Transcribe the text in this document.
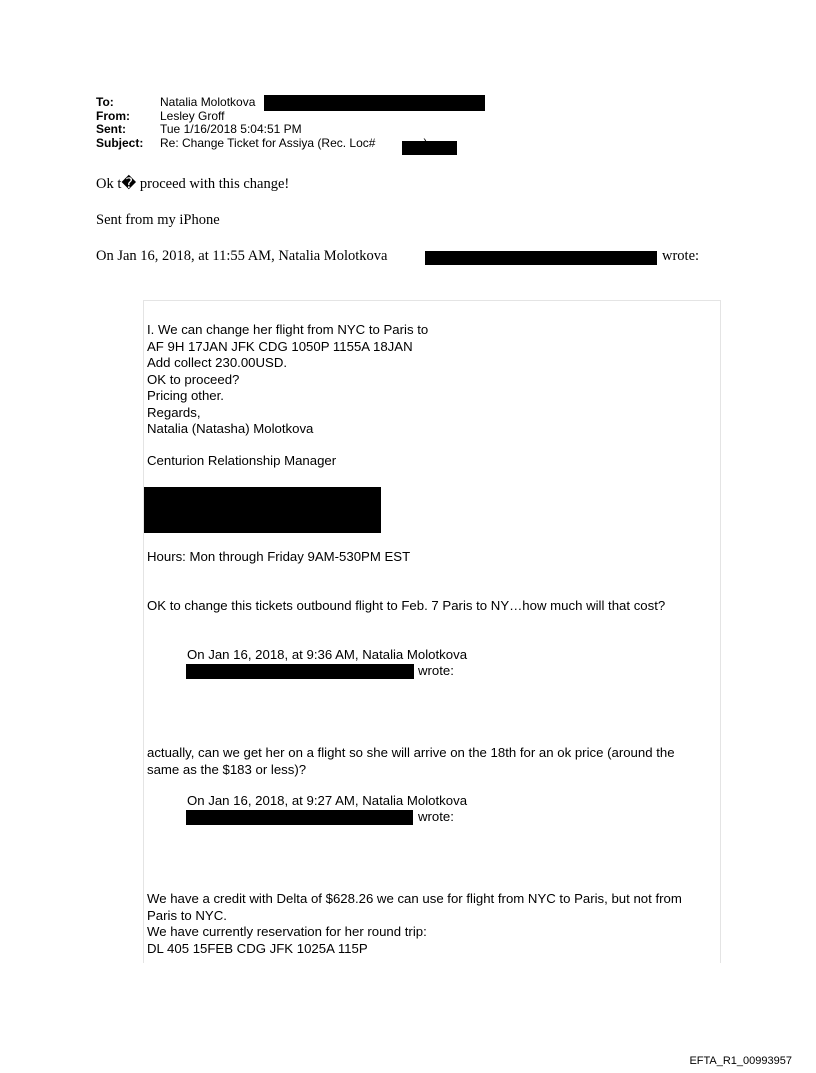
To:	Natalia Molotkova
From:	Lesley Groff
Sent:	Tue 1/16/2018 5:04:51 PM
Subject:	Re: Change Ticket for Assiya (Rec. Loc#
Ok t� proceed with this change!
Sent from my iPhone
On Jan 16, 2018, at 11:55 AM, Natalia Molotkova	wrote:
I. We can change her flight from NYC to Paris to
AF 9H 17JAN JFK CDG 1050P 1155A 18JAN
Add collect 230.00USD.
OK to proceed?
Pricing other.
Regards,
Natalia (Natasha) Molotkova
Centurion Relationship Manager
Hours: Mon through Friday 9AM-530PM EST
OK to change this tickets outbound flight to Feb. 7 Paris to NY…how much will that cost?
On Jan 16, 2018, at 9:36 AM, Natalia Molotkova
wrote:
actually, can we get her on a flight so she will arrive on the 18th for an ok price (around the
same as the $183 or less)?
On Jan 16, 2018, at 9:27 AM, Natalia Molotkova
wrote:
We have a credit with Delta of $628.26 we can use for flight from NYC to Paris, but not from
Paris to NYC.
We have currently reservation for her round trip:
DL 405 15FEB CDG JFK 1025A 115P
EFTA_R1_00993957
